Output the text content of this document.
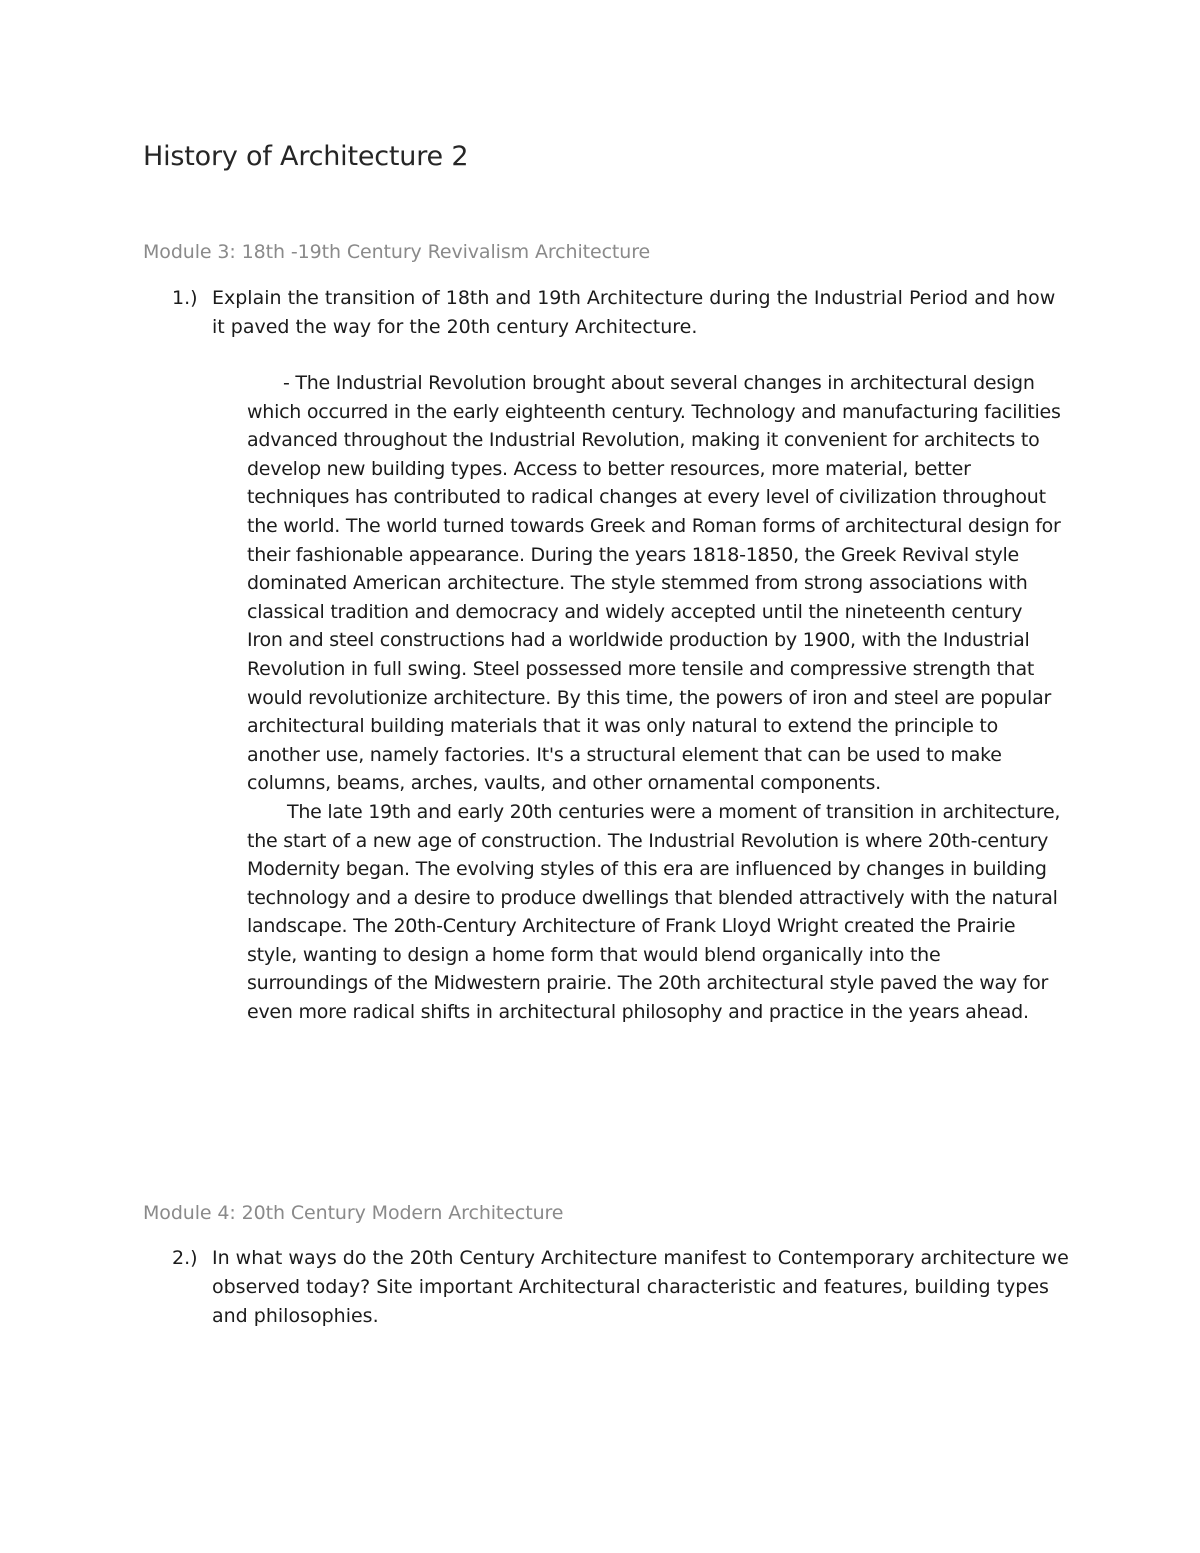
History of Architecture 2
Module 3: 18th -19th Century Revivalism Architecture
1.) Explain the transition of 18th and 19th Architecture during the Industrial Period and how it paved the way for the 20th century Architecture.

- The Industrial Revolution brought about several changes in architectural design which occurred in the early eighteenth century. Technology and manufacturing facilities advanced throughout the Industrial Revolution, making it convenient for architects to develop new building types. Access to better resources, more material, better techniques has contributed to radical changes at every level of civilization throughout the world. The world turned towards Greek and Roman forms of architectural design for their fashionable appearance. During the years 1818-1850, the Greek Revival style dominated American architecture. The style stemmed from strong associations with classical tradition and democracy and widely accepted until the nineteenth century Iron and steel constructions had a worldwide production by 1900, with the Industrial Revolution in full swing. Steel possessed more tensile and compressive strength that would revolutionize architecture. By this time, the powers of iron and steel are popular architectural building materials that it was only natural to extend the principle to another use, namely factories. It's a structural element that can be used to make columns, beams, arches, vaults, and other ornamental components.

The late 19th and early 20th centuries were a moment of transition in architecture, the start of a new age of construction. The Industrial Revolution is where 20th-century Modernity began. The evolving styles of this era are influenced by changes in building technology and a desire to produce dwellings that blended attractively with the natural landscape. The 20th-Century Architecture of Frank Lloyd Wright created the Prairie style, wanting to design a home form that would blend organically into the surroundings of the Midwestern prairie. The 20th architectural style paved the way for even more radical shifts in architectural philosophy and practice in the years ahead.

Module 4: 20th Century Modern Architecture
2.) In what ways do the 20th Century Architecture manifest to Contemporary architecture we observed today? Site important Architectural characteristic and features, building types and philosophies.
